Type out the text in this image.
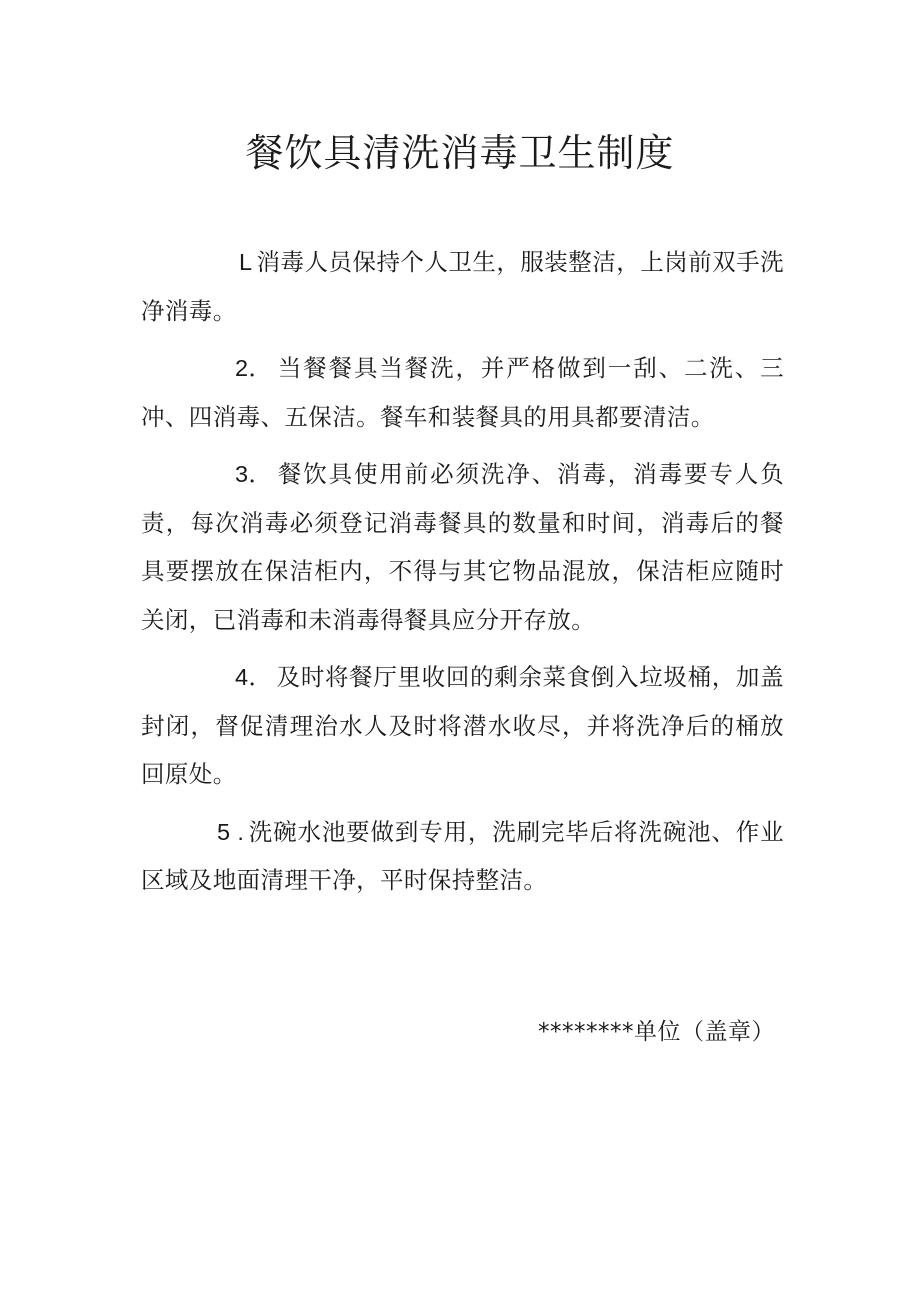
餐饮具清洗消毒卫生制度

L 消毒人员保持个人卫生，服装整洁，上岗前双手洗净消毒。

2． 当餐餐具当餐洗，并严格做到一刮、二洗、三冲、四消毒、五保洁。餐车和装餐具的用具都要清洁。

3． 餐饮具使用前必须洗净、消毒，消毒要专人负责，每次消毒必须登记消毒餐具的数量和时间，消毒后的餐具要摆放在保洁柜内，不得与其它物品混放，保洁柜应随时关闭，已消毒和未消毒得餐具应分开存放。

4． 及时将餐厅里收回的剩余菜食倒入垃圾桶，加盖封闭，督促清理治水人及时将潜水收尽，并将洗净后的桶放回原处。

5 . 洗碗水池要做到专用，洗刷完毕后将洗碗池、作业区域及地面清理干净，平时保持整洁。

********单位（盖章）
